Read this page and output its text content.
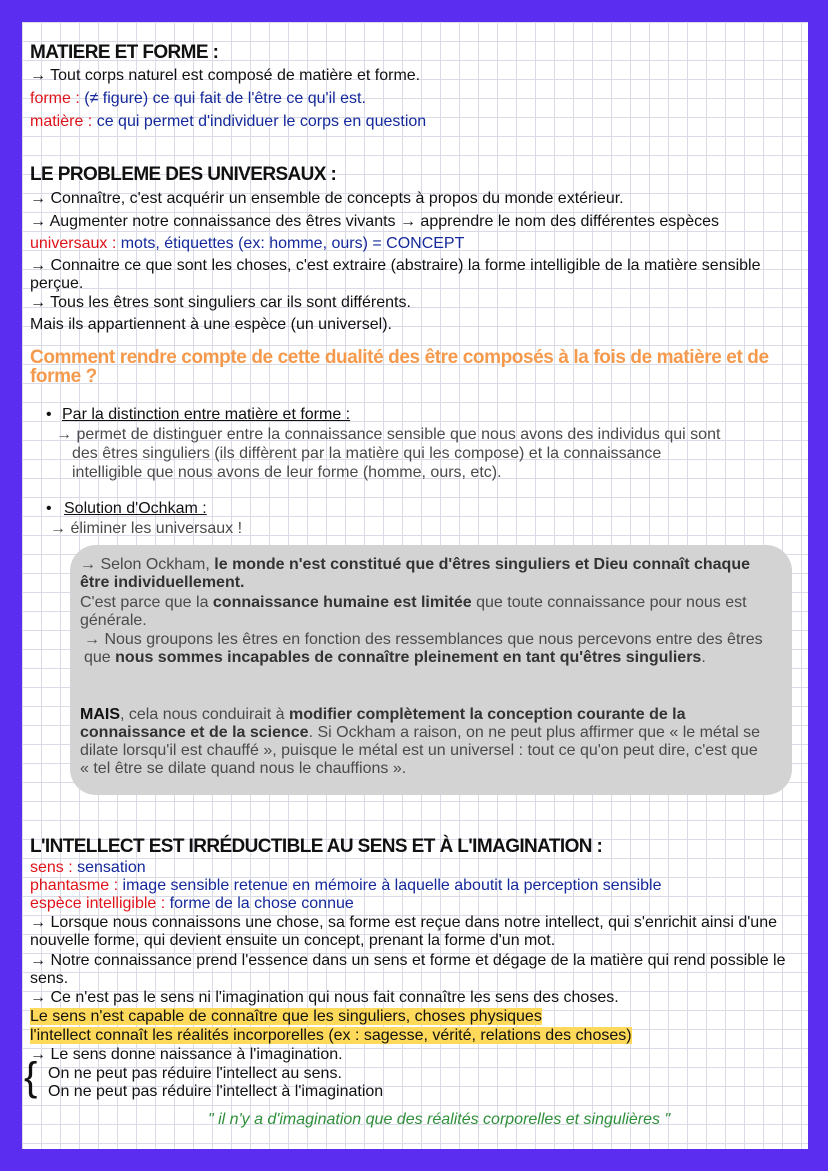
MATIERE ET FORME :

→ Tout corps naturel est composé de matière et forme.

forme : (≠ figure) ce qui fait de l'être ce qu'il est.

matière : ce qui permet d'individuer le corps en question

LE PROBLEME DES UNIVERSAUX :

→ Connaître, c'est acquérir un ensemble de concepts à propos du monde extérieur.

→ Augmenter notre connaissance des êtres vivants → apprendre le nom des différentes espèces

universaux : mots, étiquettes (ex: homme, ours) = CONCEPT

→ Connaitre ce que sont les choses, c'est extraire (abstraire) la forme intelligible de la matière sensible perçue.

→ Tous les êtres sont singuliers car ils sont différents.

Mais ils appartiennent à une espèce (un universel).

Comment rendre compte de cette dualité des être composés à la fois de matière et de forme ?

• Par la distinction entre matière et forme :

→ permet de distinguer entre la connaissance sensible que nous avons des individus qui sont

des êtres singuliers (ils diffèrent par la matière qui les compose) et la connaissance

intelligible que nous avons de leur forme (homme, ours, etc).

• Solution d'Ochkam :

→ éliminer les universaux !

→ Selon Ockham, le monde n'est constitué que d'êtres singuliers et Dieu connaît chaque être individuellement.

C'est parce que la connaissance humaine est limitée que toute connaissance pour nous est générale.

→ Nous groupons les êtres en fonction des ressemblances que nous percevons entre des êtres que nous sommes incapables de connaître pleinement en tant qu'êtres singuliers.

MAIS, cela nous conduirait à modifier complètement la conception courante de la connaissance et de la science. Si Ockham a raison, on ne peut plus affirmer que « le métal se dilate lorsqu'il est chauffé », puisque le métal est un universel : tout ce qu'on peut dire, c'est que « tel être se dilate quand nous le chauffions ».

L'INTELLECT EST IRRÉDUCTIBLE AU SENS ET À L'IMAGINATION :

sens : sensation

phantasme : image sensible retenue en mémoire à laquelle aboutit la perception sensible

espèce intelligible : forme de la chose connue

→ Lorsque nous connaissons une chose, sa forme est reçue dans notre intellect, qui s'enrichit ainsi d'une nouvelle forme, qui devient ensuite un concept, prenant la forme d'un mot.

→ Notre connaissance prend l'essence dans un sens et forme et dégage de la matière qui rend possible le sens.

→ Ce n'est pas le sens ni l'imagination qui nous fait connaître les sens des choses.

Le sens n'est capable de connaître que les singuliers, choses physiques

l'intellect connaît les réalités incorporelles (ex : sagesse, vérité, relations des choses)

→ Le sens donne naissance à l'imagination.

{ On ne peut pas réduire l'intellect au sens.

On ne peut pas réduire l'intellect à l'imagination

" il n'y a d'imagination que des réalités corporelles et singulières "
